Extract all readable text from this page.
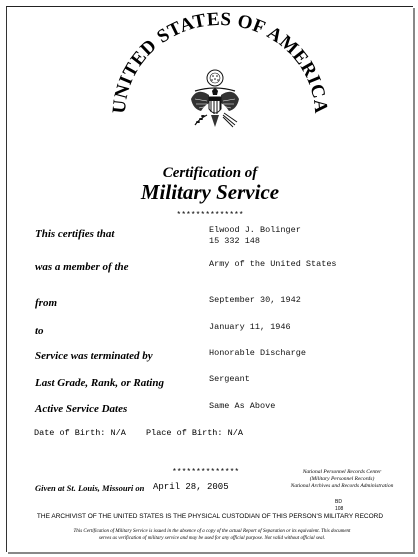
UNITED STATES OF AMERICA
Certification of
Military Service
**************
This certifies that	Elwood J. Bolinger
15 332 148
was a member of the	Army of the United States
from	September 30, 1942
to	January 11, 1946
Service was terminated by	Honorable Discharge
Last Grade, Rank, or Rating	Sergeant
Active Service Dates	Same As Above
Date of Birth: N/A Place of Birth: N/A
**************
Given at St. Louis, Missouri on April 28, 2005
National Personnel Records Center
(Military Personnel Records)
National Archives and Records Administration
BD
108
THE ARCHIVIST OF THE UNITED STATES IS THE PHYSICAL CUSTODIAN OF THIS PERSON'S MILITARY RECORD
This Certification of Military Service is issued in the absence of a copy of the actual Report of Separation or its equivalent. This document
serves as verification of military service and may be used for any official purpose. Not valid without official seal.
